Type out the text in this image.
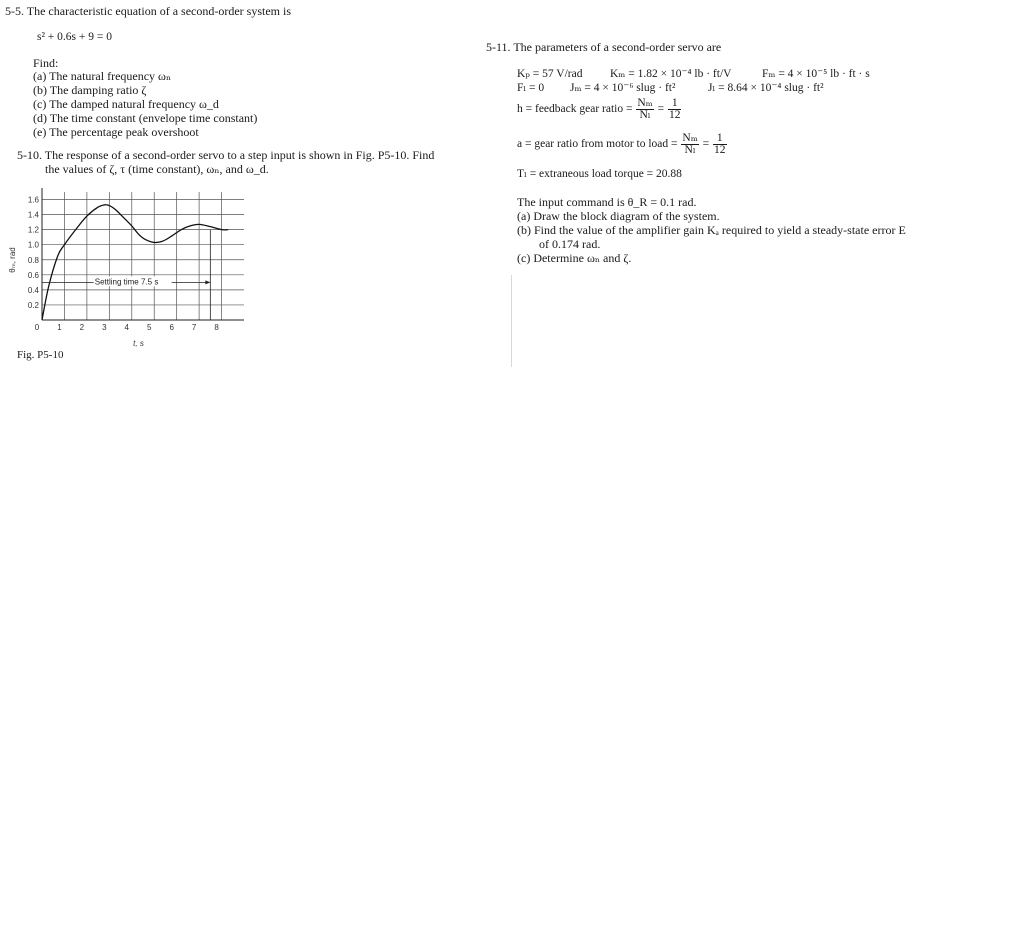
5-5. The characteristic equation of a second-order system is
s² + 0.6s + 9 = 0
Find:
(a) The natural frequency ωₙ
(b) The damping ratio ζ
(c) The damped natural frequency ω_d
(d) The time constant (envelope time constant)
(e) The percentage peak overshoot
5-10. The response of a second-order servo to a step input is shown in Fig. P5-10. Find
the values of ζ, τ (time constant), ωₙ, and ω_d.
0.2
0.4
0.6
0.8
1.0
1.2
1.4
1.6
0 1 2 3 4 5 6 7 8
Settling time 7.5 s
θₘ, rad
t, s
Fig. P5-10
5-11. The parameters of a second-order servo are
Kₚ = 57 V/rad Kₘ = 1.82 × 10⁻⁴ lb · ft/V	Fₘ = 4 × 10⁻⁵ lb · ft · s
Fₗ = 0 Jₘ = 4 × 10⁻⁶ slug · ft²	Jₗ = 8.64 × 10⁻⁴ slug · ft²
h = feedback gear ratio = $\frac{\text{Nₘ}}{\text{Nₗ}} = \frac{1}{12}$
a = gear ratio from motor to load = $\frac{\text{Nₘ}}{\text{Nₗ}} = \frac{1}{12}$
Tₗ = extraneous load torque = 20.88
The input command is θ_R = 0.1 rad.
(a) Draw the block diagram of the system.
(b) Find the value of the amplifier gain Kₐ required to yield a steady-state error E
of 0.174 rad.
(c) Determine ωₙ and ζ.
